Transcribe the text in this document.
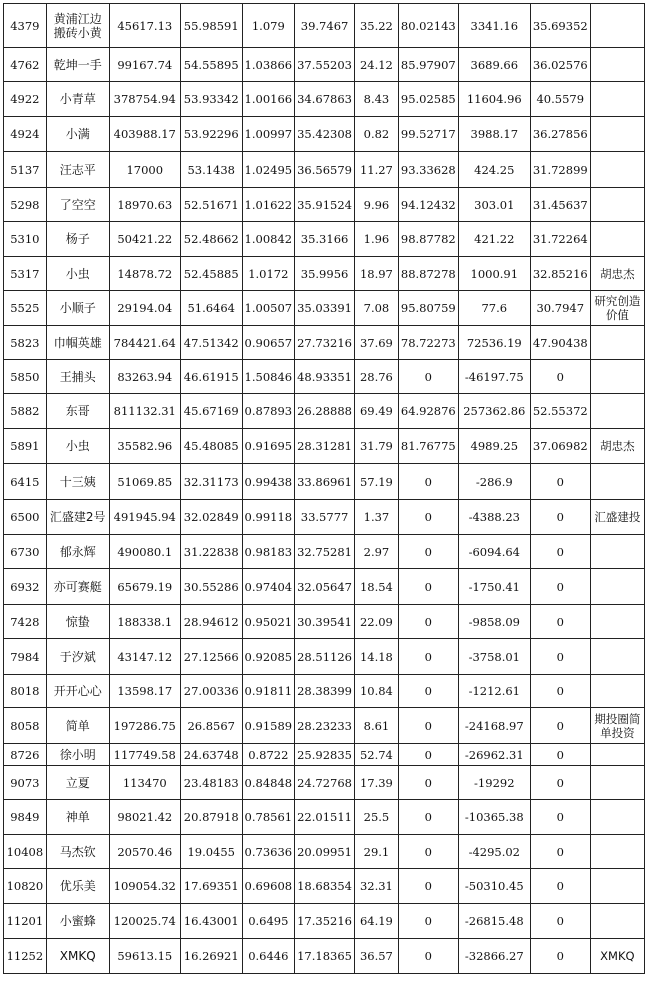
4379	黄浦江边搬砖小黄	45617.13	55.98591	1.079	39.7467	35.22	80.02143	3341.16	35.69352	
4762	乾坤一手	99167.74	54.55895	1.03866	37.55203	24.12	85.97907	3689.66	36.02576	
4922	小青草	378754.94	53.93342	1.00166	34.67863	8.43	95.02585	11604.96	40.5579	
4924	小满	403988.17	53.92296	1.00997	35.42308	0.82	99.52717	3988.17	36.27856	
5137	汪志平	17000	53.1438	1.02495	36.56579	11.27	93.33628	424.25	31.72899	
5298	了空空	18970.63	52.51671	1.01622	35.91524	9.96	94.12432	303.01	31.45637	
5310	杨子	50421.22	52.48662	1.00842	35.3166	1.96	98.87782	421.22	31.72264	
5317	小虫	14878.72	52.45885	1.0172	35.9956	18.97	88.87278	1000.91	32.85216	胡忠杰
5525	小顺子	29194.04	51.6464	1.00507	35.03391	7.08	95.80759	77.6	30.7947	研究创造价值
5823	巾帼英雄	784421.64	47.51342	0.90657	27.73216	37.69	78.72273	72536.19	47.90438	
5850	王捕头	83263.94	46.61915	1.50846	48.93351	28.76	0	-46197.75	0	
5882	东哥	811132.31	45.67169	0.87893	26.28888	69.49	64.92876	257362.86	52.55372	
5891	小虫	35582.96	45.48085	0.91695	28.31281	31.79	81.76775	4989.25	37.06982	胡忠杰
6415	十三姨	51069.85	32.31173	0.99438	33.86961	57.19	0	-286.9	0	
6500	汇盛建2号	491945.94	32.02849	0.99118	33.5777	1.37	0	-4388.23	0	汇盛建投
6730	郁永辉	490080.1	31.22838	0.98183	32.75281	2.97	0	-6094.64	0	
6932	亦可赛艇	65679.19	30.55286	0.97404	32.05647	18.54	0	-1750.41	0	
7428	惊蛰	188338.1	28.94612	0.95021	30.39541	22.09	0	-9858.09	0	
7984	于汐斌	43147.12	27.12566	0.92085	28.51126	14.18	0	-3758.01	0	
8018	开开心心	13598.17	27.00336	0.91811	28.38399	10.84	0	-1212.61	0	
8058	简单	197286.75	26.8567	0.91589	28.23233	8.61	0	-24168.97	0	期投圈简单投资
8726	徐小明	117749.58	24.63748	0.8722	25.92835	52.74	0	-26962.31	0	
9073	立夏	113470	23.48183	0.84848	24.72768	17.39	0	-19292	0	
9849	神单	98021.42	20.87918	0.78561	22.01511	25.5	0	-10365.38	0	
10408	马杰钦	20570.46	19.0455	0.73636	20.09951	29.1	0	-4295.02	0	
10820	优乐美	109054.32	17.69351	0.69608	18.68354	32.31	0	-50310.45	0	
11201	小蜜蜂	120025.74	16.43001	0.6495	17.35216	64.19	0	-26815.48	0	
11252	XMKQ	59613.15	16.26921	0.6446	17.18365	36.57	0	-32866.27	0	XMKQ
